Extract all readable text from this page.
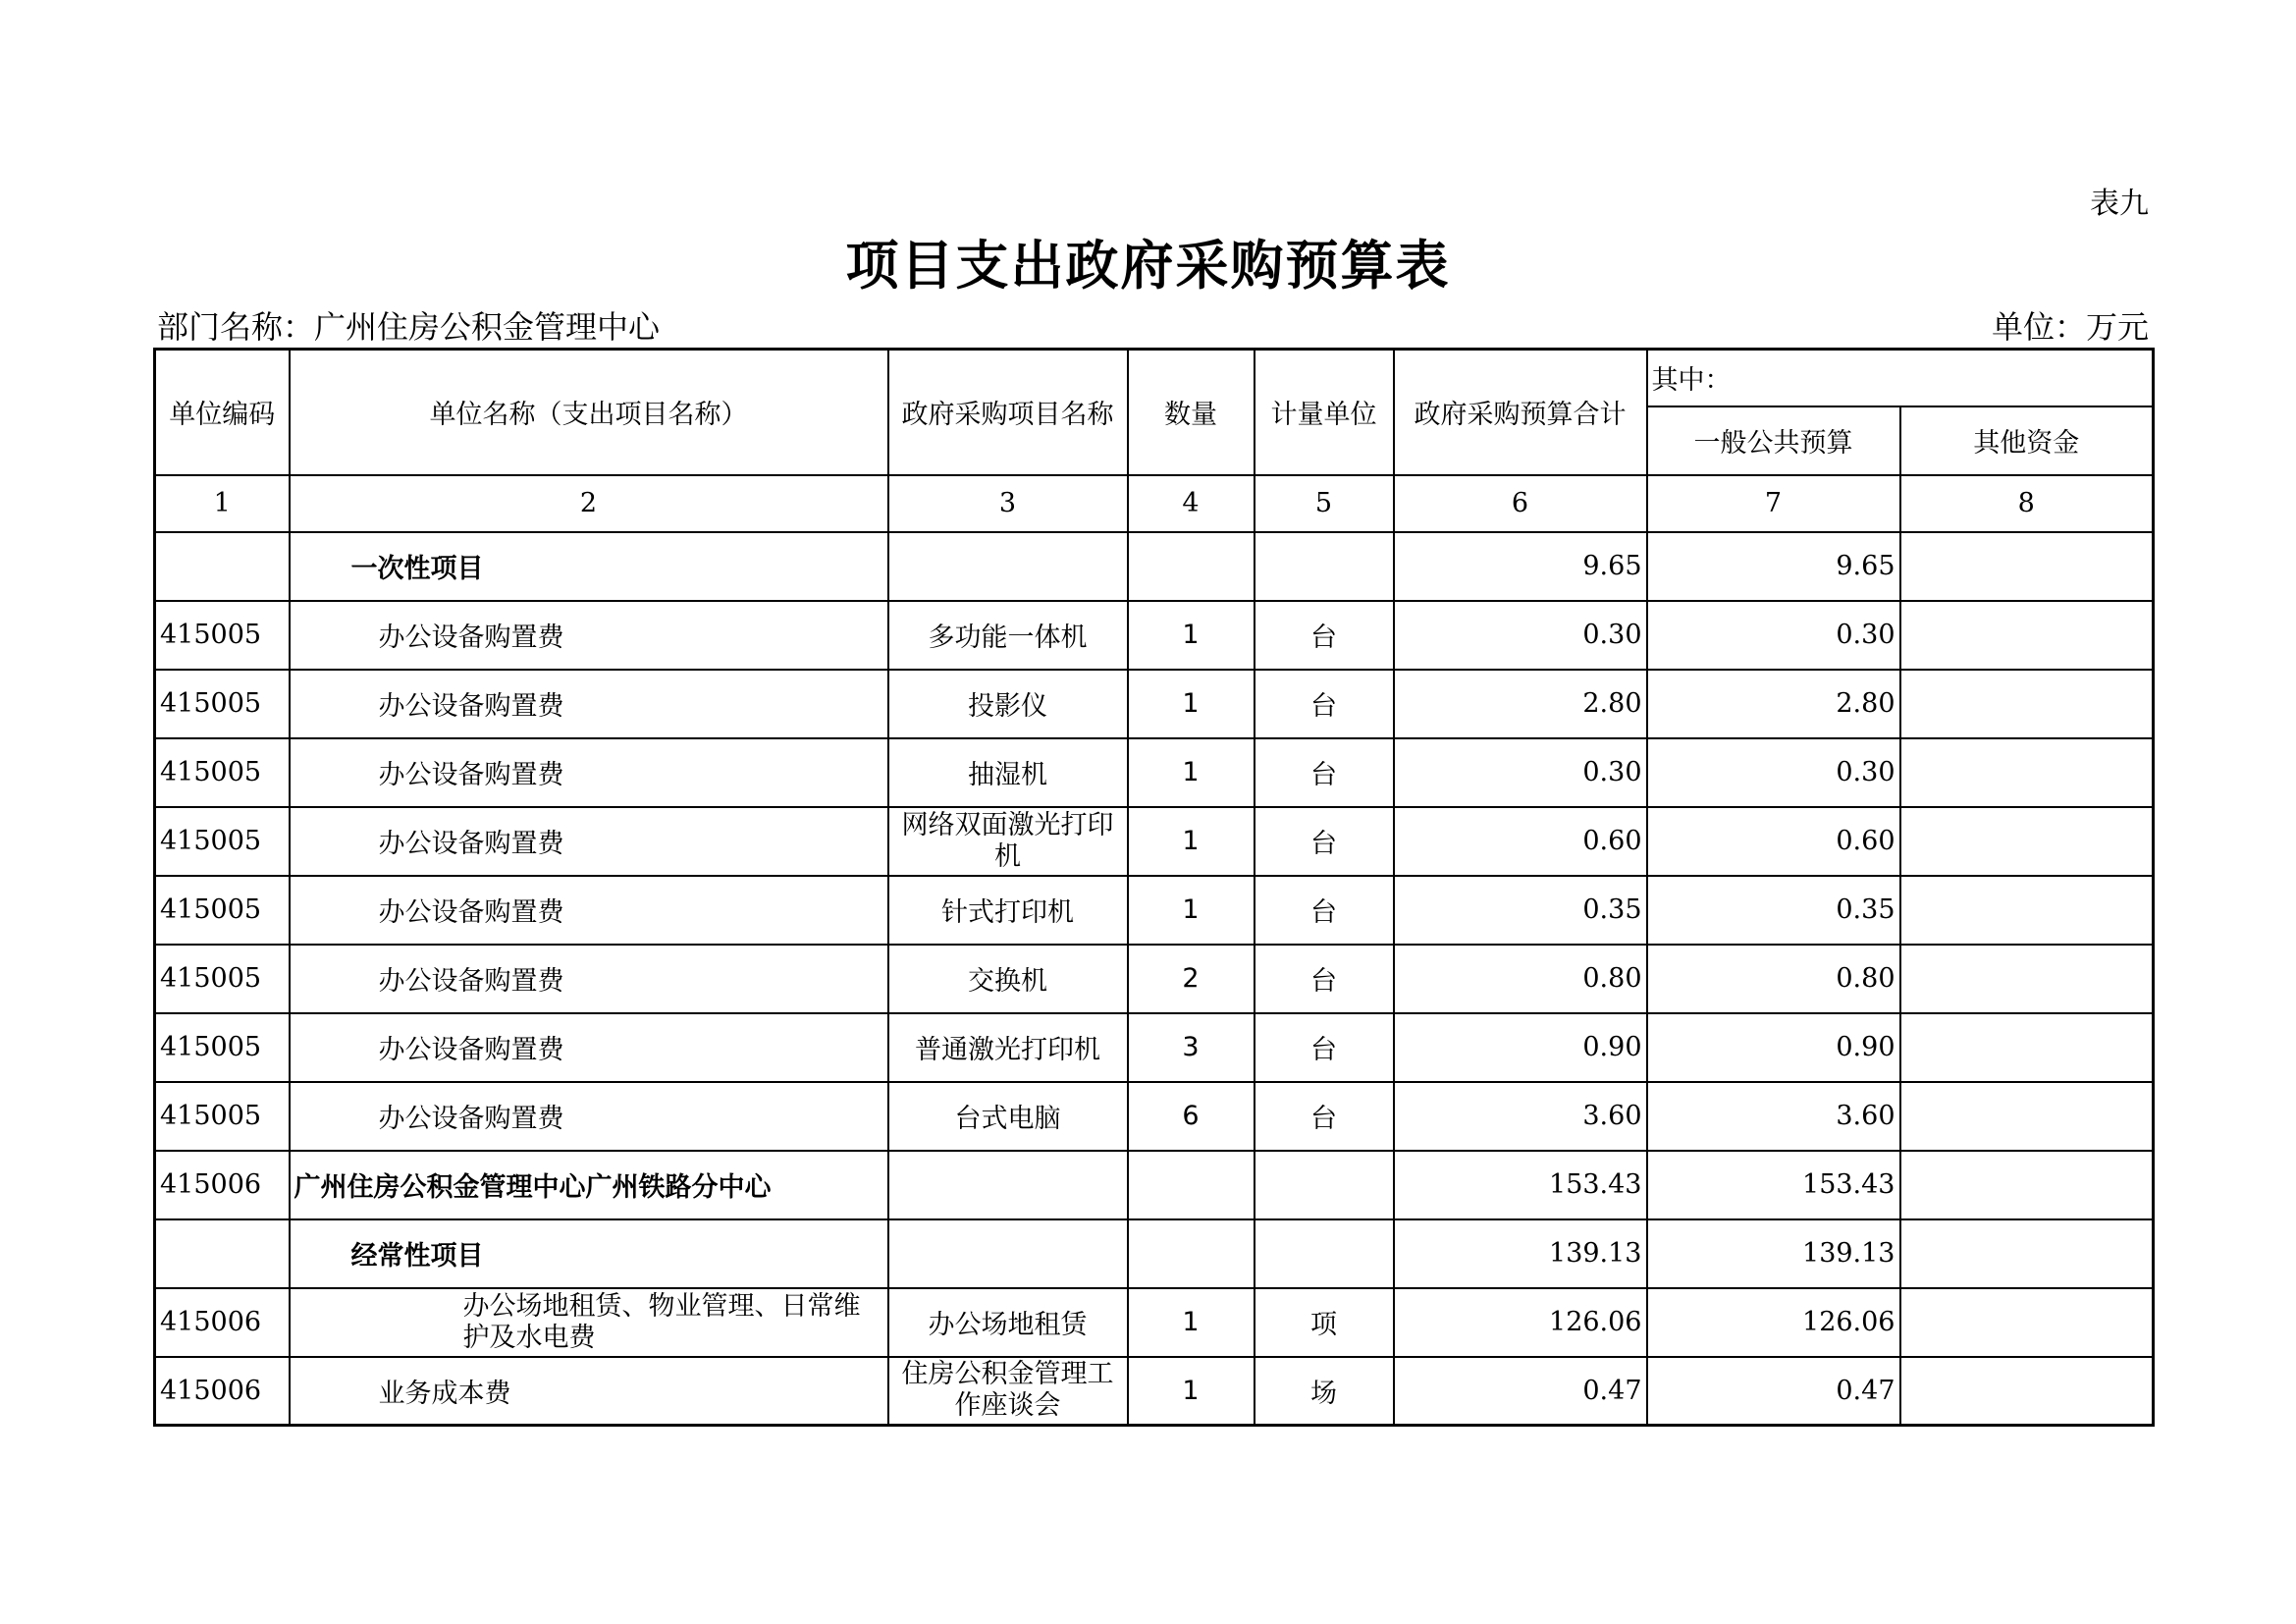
表九
项目支出政府采购预算表
部门名称：广州住房公积金管理中心	单位：万元
单位编码	单位名称（支出项目名称）	政府采购项目名称	数量	计量单位	政府采购预算合计	其中：	
						一般公共预算	其他资金
1	2	3	4	5	6	7	8
	一次性项目				9.65	9.65	
415005	办公设备购置费	多功能一体机	1	台	0.30	0.30	
415005	办公设备购置费	投影仪	1	台	2.80	2.80	
415005	办公设备购置费	抽湿机	1	台	0.30	0.30	
415005	办公设备购置费	网络双面激光打印机	1	台	0.60	0.60	
415005	办公设备购置费	针式打印机	1	台	0.35	0.35	
415005	办公设备购置费	交换机	2	台	0.80	0.80	
415005	办公设备购置费	普通激光打印机	3	台	0.90	0.90	
415005	办公设备购置费	台式电脑	6	台	3.60	3.60	
415006	广州住房公积金管理中心广州铁路分中心				153.43	153.43	
	经常性项目				139.13	139.13	
415006	办公场地租赁、物业管理、日常维护及水电费	办公场地租赁	1	项	126.06	126.06	
415006	业务成本费	住房公积金管理工作座谈会	1	场	0.47	0.47	
